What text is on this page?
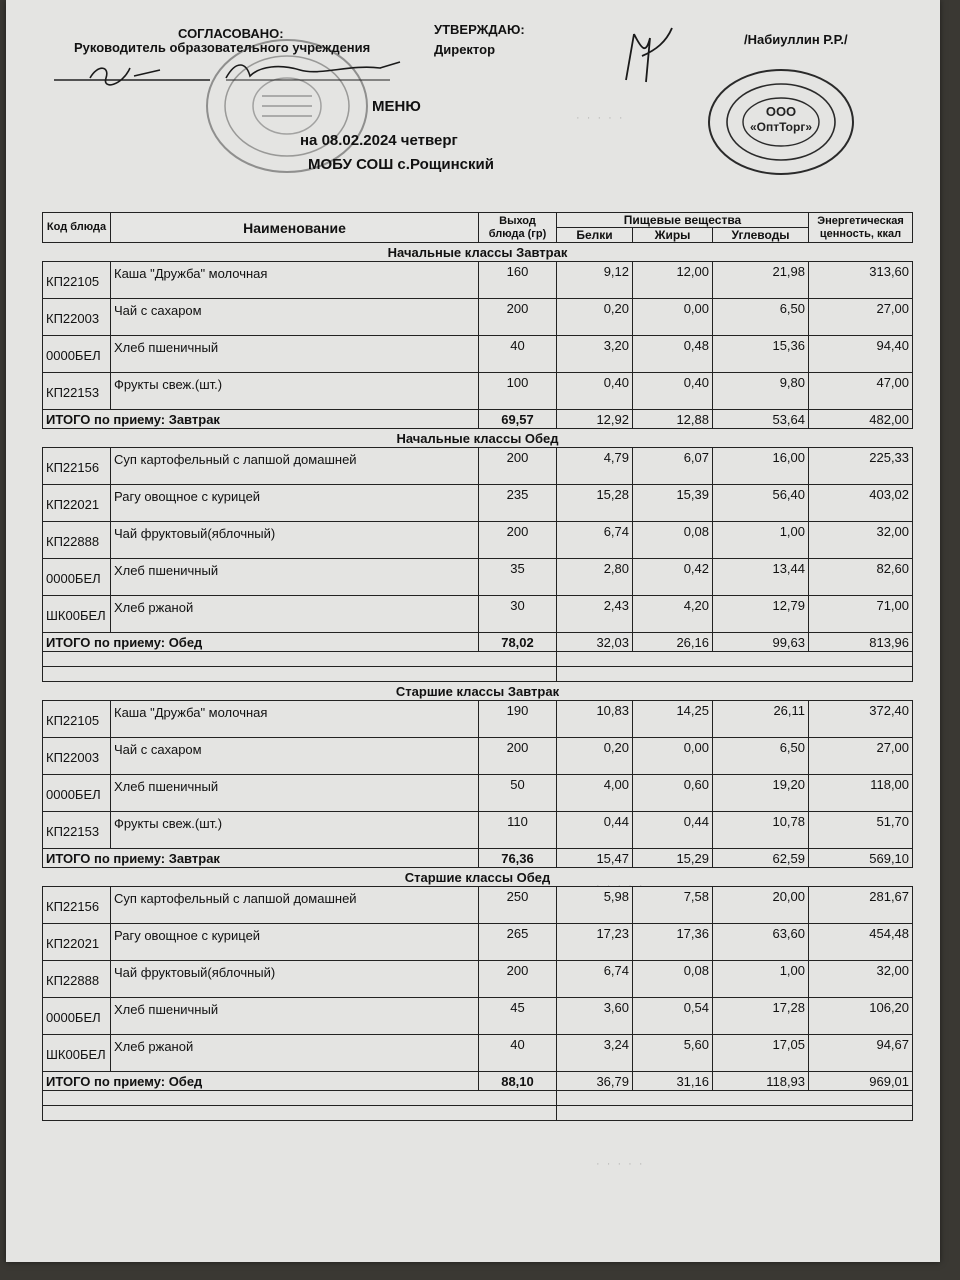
СОГЛАСОВАНО:
Руководитель образовательного учреждения
УТВЕРЖДАЮ:
Директор
/Набиуллин Р.Р./
ООО
«ОптТорг»
МЕНЮ
на 08.02.2024 четверг
МОБУ СОШ с.Рощинский
· · · · ·
· · · · ·
· · · · ·
Код блюда	Наименование	Выход блюда (гр)	Пищевые вещества			Энергетическая ценность, ккал
			Белки	Жиры	Углеводы	
Начальные классы Завтрак						
КП22105	Каша "Дружба" молочная	160	9,12	12,00	21,98	313,60
КП22003	Чай с сахаром	200	0,20	0,00	6,50	27,00
0000БЕЛ	Хлеб пшеничный	40	3,20	0,48	15,36	94,40
КП22153	Фрукты свеж.(шт.)	100	0,40	0,40	9,80	47,00
ИТОГО по приему: Завтрак		69,57	12,92	12,88	53,64	482,00
Начальные классы Обед						
КП22156	Суп картофельный с лапшой домашней	200	4,79	6,07	16,00	225,33
КП22021	Рагу овощное с курицей	235	15,28	15,39	56,40	403,02
КП22888	Чай фруктовый(яблочный)	200	6,74	0,08	1,00	32,00
0000БЕЛ	Хлеб пшеничный	35	2,80	0,42	13,44	82,60
ШК00БЕЛ	Хлеб ржаной	30	2,43	4,20	12,79	71,00
ИТОГО по приему: Обед		78,02	32,03	26,16	99,63	813,96

Старшие классы Завтрак						
КП22105	Каша "Дружба" молочная	190	10,83	14,25	26,11	372,40
КП22003	Чай с сахаром	200	0,20	0,00	6,50	27,00
0000БЕЛ	Хлеб пшеничный	50	4,00	0,60	19,20	118,00
КП22153	Фрукты свеж.(шт.)	110	0,44	0,44	10,78	51,70
ИТОГО по приему: Завтрак		76,36	15,47	15,29	62,59	569,10
Старшие классы Обед						
КП22156	Суп картофельный с лапшой домашней	250	5,98	7,58	20,00	281,67
КП22021	Рагу овощное с курицей	265	17,23	17,36	63,60	454,48
КП22888	Чай фруктовый(яблочный)	200	6,74	0,08	1,00	32,00
0000БЕЛ	Хлеб пшеничный	45	3,60	0,54	17,28	106,20
ШК00БЕЛ	Хлеб ржаной	40	3,24	5,60	17,05	94,67
ИТОГО по приему: Обед		88,10	36,79	31,16	118,93	969,01
